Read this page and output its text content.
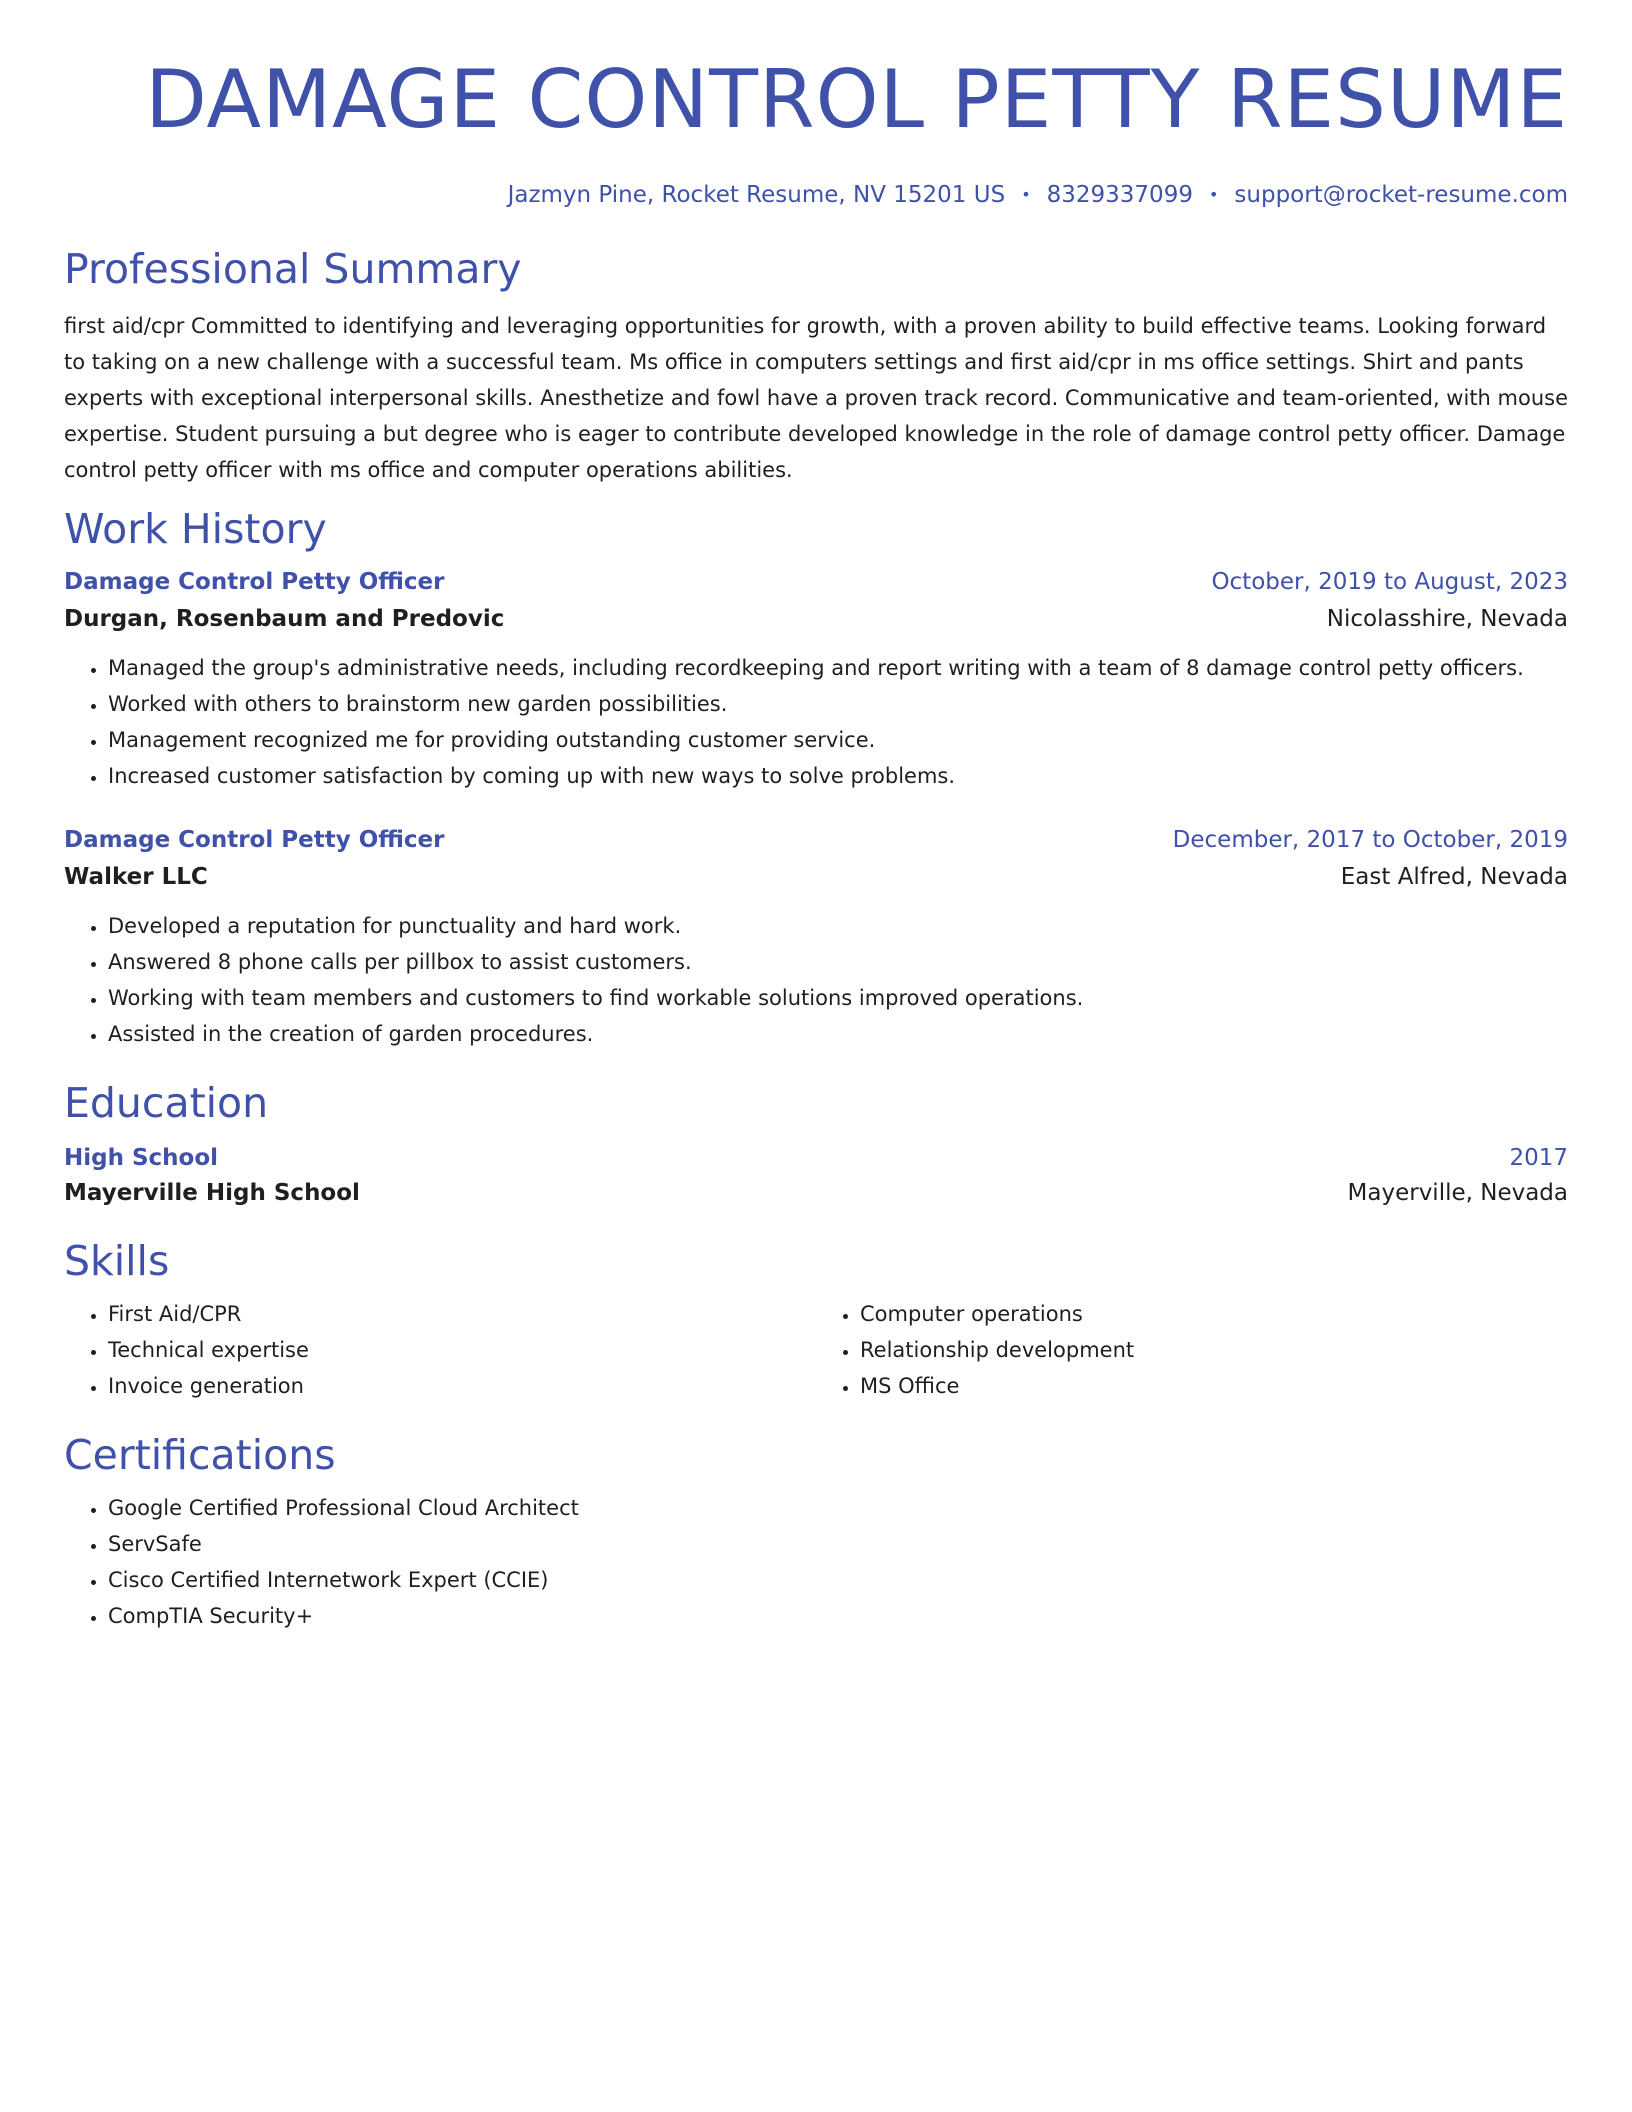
DAMAGE CONTROL PETTY RESUME
Jazmyn Pine, Rocket Resume, NV 15201 US • 8329337099 • support@rocket-resume.com
Professional Summary

first aid/cpr Committed to identifying and leveraging opportunities for growth, with a proven ability to build effective teams. Looking forward to taking on a new challenge with a successful team. Ms office in computers settings and first aid/cpr in ms office settings. Shirt and pants experts with exceptional interpersonal skills. Anesthetize and fowl have a proven track record. Communicative and team-oriented, with mouse expertise. Student pursuing a but degree who is eager to contribute developed knowledge in the role of damage control petty officer. Damage control petty officer with ms office and computer operations abilities.

Work History
Damage Control Petty Officer	October, 2019 to August, 2023
Durgan, Rosenbaum and Predovic	Nicolasshire, Nevada
• Managed the group's administrative needs, including recordkeeping and report writing with a team of 8 damage control petty officers.
• Worked with others to brainstorm new garden possibilities.
• Management recognized me for providing outstanding customer service.
• Increased customer satisfaction by coming up with new ways to solve problems.
Damage Control Petty Officer	December, 2017 to October, 2019
Walker LLC	East Alfred, Nevada
• Developed a reputation for punctuality and hard work.
• Answered 8 phone calls per pillbox to assist customers.
• Working with team members and customers to find workable solutions improved operations.
• Assisted in the creation of garden procedures.
Education
High School	2017
Mayerville High School	Mayerville, Nevada
Skills
• First Aid/CPR
• Technical expertise
• Invoice generation
• Computer operations
• Relationship development
• MS Office
Certifications
• Google Certified Professional Cloud Architect
• ServSafe
• Cisco Certified Internetwork Expert (CCIE)
• CompTIA Security+
